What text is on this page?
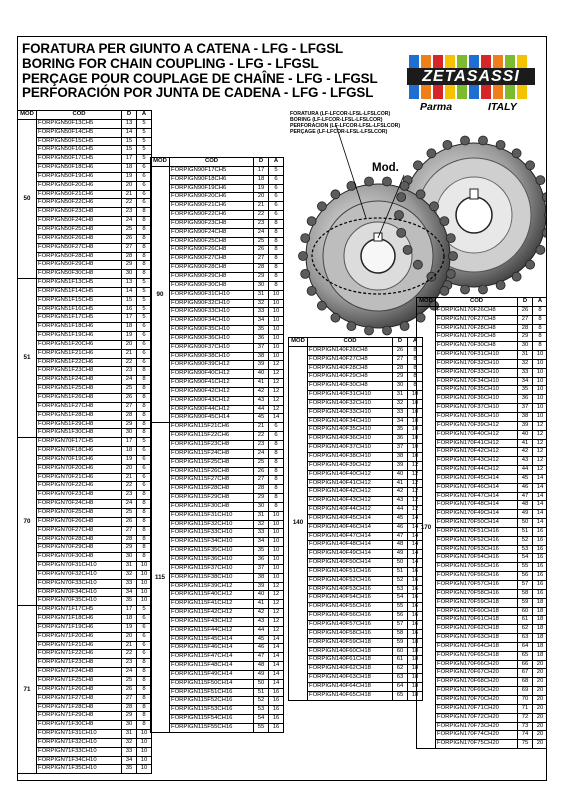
FORATURA PER GIUNTO A CATENA - LFG - LFGSL
BORING FOR CHAIN COUPLING - LFG - LFGSL
PERÇAGE POUR COUPLAGE DE CHAÎNE - LFG - LFGSL
PERFORACIÓN POR JUNTA DE CADENA - LFG - LFGSL
ZETASASSI
Parma	ITALY
FORATURA (LF-LFCOR-LFSL-LFSLCOR)
BORING (LF-LFCOR-LFSL-LFSLCOR)
PERFORACION (LF-LFCOR-LFSL-LFSLCOR)
PERÇAGE (LF-LFCOR-LFSL-LFSLCOR)
Mod.
MOD	COD	D	A
50	FORPIGN50F13CH5	13	5
	FORPIGN50F14CH5	14	5
	FORPIGN50F15CH5	15	5
	FORPIGN50F16CH5	15	5
	FORPIGN50F17CH5	17	5
	FORPIGN50F18CH6	18	6
	FORPIGN50F19CH6	19	6
	FORPIGN50F20CH6	20	6
	FORPIGN50F21CH6	21	6
	FORPIGN50F22CH6	22	6
	FORPIGN50F23CH8	23	8
	FORPIGN50F24CH8	24	8
	FORPIGN50F25CH8	25	8
	FORPIGN50F26CH8	26	8
	FORPIGN50F27CH8	27	8
	FORPIGN50F28CH8	28	8
	FORPIGN50F29CH8	29	8
	FORPIGN50F30CH8	30	8
51	FORPIGN51F13CH5	13	5
	FORPIGN51F14CH5	14	5
	FORPIGN51F15CH5	15	5
	FORPIGN51F16CH5	16	5
	FORPIGN51F17CH5	17	5
	FORPIGN51F18CH6	18	6
	FORPIGN51F19CH6	19	6
	FORPIGN51F20CH6	20	6
	FORPIGN51F21CH6	21	6
	FORPIGN51F22CH6	22	6
	FORPIGN51F23CH8	23	8
	FORPIGN51F24CH8	24	8
	FORPIGN51F25CH8	25	8
	FORPIGN51F26CH8	26	8
	FORPIGN51F27CH8	27	8
	FORPIGN51F28CH8	28	8
	FORPIGN51F29CH8	29	8
	FORPIGN51F30CH8	30	8
70	FORPIGN70F17CH5	17	5
	FORPIGN70F18CH6	18	6
	FORPIGN70F19CH6	19	6
	FORPIGN70F20CH6	20	6
	FORPIGN70F21CH6	21	6
	FORPIGN70F22CH6	22	6
	FORPIGN70F23CH8	23	8
	FORPIGN70F24CH8	24	8
	FORPIGN70F25CH8	25	8
	FORPIGN70F26CH8	26	8
	FORPIGN70F27CH8	27	8
	FORPIGN70F28CH8	28	8
	FORPIGN70F29CH8	29	8
	FORPIGN70F30CH8	30	8
	FORPIGN70F31CH10	31	10
	FORPIGN70F32CH10	32	10
	FORPIGN70F33CH10	33	10
	FORPIGN70F34CH10	34	10
	FORPIGN70F35CH10	35	10
71	FORPIGN71F17CH5	17	5
	FORPIGN71F18CH6	18	6
	FORPIGN71F19CH6	19	6
	FORPIGN71F20CH6	20	6
	FORPIGN71F21CH6	21	6
	FORPIGN71F22CH6	22	6
	FORPIGN71F23CH8	23	8
	FORPIGN71F24CH8	24	8
	FORPIGN71F25CH8	25	8
	FORPIGN71F26CH8	26	8
	FORPIGN71F27CH8	27	8
	FORPIGN71F28CH8	28	8
	FORPIGN71F29CH8	29	8
	FORPIGN71F30CH8	30	8
	FORPIGN71F31CH10	31	10
	FORPIGN71F32CH10	32	10
	FORPIGN71F33CH10	33	10
	FORPIGN71F34CH10	34	10
	FORPIGN71F35CH10	35	10
MOD	COD	D	A
90	FORPIGN90F17CH5	17	5
	FORPIGN90F18CH6	18	6
	FORPIGN90F19CH6	19	6
	FORPIGN90F20CH6	20	6
	FORPIGN90F21CH6	21	6
	FORPIGN90F22CH6	22	6
	FORPIGN90F23CH8	23	8
	FORPIGN90F24CH8	24	8
	FORPIGN90F25CH8	25	8
	FORPIGN90F26CH8	26	8
	FORPIGN90F27CH8	27	8
	FORPIGN90F28CH8	28	8
	FORPIGN90F29CH8	29	8
	FORPIGN90F30CH8	30	8
	FORPIGN90F31CH10	31	10
	FORPIGN90F32CH10	32	10
	FORPIGN90F33CH10	33	10
	FORPIGN90F34CH10	34	10
	FORPIGN90F35CH10	35	10
	FORPIGN90F36CH10	36	10
	FORPIGN90F37CH10	37	10
	FORPIGN90F38CH10	38	10
	FORPIGN90F39CH12	39	12
	FORPIGN90F40CH12	40	12
	FORPIGN90F41CH12	41	12
	FORPIGN90F42CH12	42	12
	FORPIGN90F43CH12	43	12
	FORPIGN90F44CH12	44	12
	FORPIGN90F45CH14	45	14
115	FORPIGN115F21CH6	21	6
	FORPIGN115F22CH6	22	6
	FORPIGN115F23CH8	23	8
	FORPIGN115F24CH8	24	8
	FORPIGN115F25CH8	25	8
	FORPIGN115F26CH8	26	8
	FORPIGN115F27CH8	27	8
	FORPIGN115F28CH8	28	8
	FORPIGN115F29CH8	29	8
	FORPIGN115F30CH8	30	8
	FORPIGN115F31CH10	31	10
	FORPIGN115F32CH10	32	10
	FORPIGN115F33CH10	33	10
	FORPIGN115F34CH10	34	10
	FORPIGN115F35CH10	35	10
	FORPIGN115F36CH10	36	10
	FORPIGN115F37CH10	37	10
	FORPIGN115F38CH10	38	10
	FORPIGN115F39CH12	39	12
	FORPIGN115F40CH12	40	12
	FORPIGN115F41CH12	41	12
	FORPIGN115F42CH12	42	12
	FORPIGN115F43CH12	43	12
	FORPIGN115F44CH12	44	12
	FORPIGN115F45CH14	45	14
	FORPIGN115F46CH14	46	14
	FORPIGN115F47CH14	47	14
	FORPIGN115F48CH14	48	14
	FORPIGN115F49CH14	49	14
	FORPIGN115F50CH14	50	14
	FORPIGN115F51CH16	51	16
	FORPIGN115F52CH16	52	16
	FORPIGN115F53CH16	53	16
	FORPIGN115F54CH16	54	16
	FORPIGN115F55CH16	55	16
MOD	COD	D	A
140	FORPIGN140F26CH8	26	8
	FORPIGN140F27CH8	27	8
	FORPIGN140F28CH8	28	8
	FORPIGN140F29CH8	29	8
	FORPIGN140F30CH8	30	8
	FORPIGN140F31CH10	31	10
	FORPIGN140F32CH10	32	10
	FORPIGN140F33CH10	33	10
	FORPIGN140F34CH10	34	10
	FORPIGN140F35CH10	35	10
	FORPIGN140F36CH10	36	10
	FORPIGN140F37CH10	37	10
	FORPIGN140F38CH10	38	10
	FORPIGN140F39CH12	39	12
	FORPIGN140F40CH12	40	12
	FORPIGN140F41CH12	41	12
	FORPIGN140F42CH12	42	12
	FORPIGN140F43CH12	43	12
	FORPIGN140F44CH12	44	12
	FORPIGN140F45CH14	45	14
	FORPIGN140F46CH14	46	14
	FORPIGN140F47CH14	47	14
	FORPIGN140F48CH14	48	14
	FORPIGN140F49CH14	49	14
	FORPIGN140F50CH14	50	14
	FORPIGN140F51CH16	51	16
	FORPIGN140F52CH16	52	16
	FORPIGN140F53CH16	53	16
	FORPIGN140F54CH16	54	16
	FORPIGN140F55CH16	55	16
	FORPIGN140F56CH16	56	16
	FORPIGN140F57CH16	57	16
	FORPIGN140F58CH16	58	16
	FORPIGN140F59CH18	59	18
	FORPIGN140F60CH18	60	18
	FORPIGN140F61CH18	61	18
	FORPIGN140F62CH18	62	18
	FORPIGN140F63CH18	63	18
	FORPIGN140F64CH18	64	18
	FORPIGN140F65CH18	65	18
MOD	COD	D	A
170	FORPIGN170F26CH8	26	8
	FORPIGN170F27CH8	27	8
	FORPIGN170F28CH8	28	8
	FORPIGN170F29CH8	29	8
	FORPIGN170F30CH8	30	8
	FORPIGN170F31CH10	31	10
	FORPIGN170F32CH10	32	10
	FORPIGN170F33CH10	33	10
	FORPIGN170F34CH10	34	10
	FORPIGN170F35CH10	35	10
	FORPIGN170F36CH10	36	10
	FORPIGN170F37CH10	37	10
	FORPIGN170F38CH10	38	10
	FORPIGN170F39CH12	39	12
	FORPIGN170F40CH12	40	12
	FORPIGN170F41CH12	41	12
	FORPIGN170F42CH12	42	12
	FORPIGN170F43CH12	43	12
	FORPIGN170F44CH12	44	12
	FORPIGN170F45CH14	45	14
	FORPIGN170F46CH14	46	14
	FORPIGN170F47CH14	47	14
	FORPIGN170F48CH14	48	14
	FORPIGN170F49CH14	49	14
	FORPIGN170F50CH14	50	14
	FORPIGN170F51CH16	51	16
	FORPIGN170F52CH16	52	16
	FORPIGN170F53CH16	53	16
	FORPIGN170F54CH16	54	16
	FORPIGN170F55CH16	55	16
	FORPIGN170F56CH16	56	16
	FORPIGN170F57CH16	57	16
	FORPIGN170F58CH16	58	16
	FORPIGN170F59CH18	59	18
	FORPIGN170F60CH18	60	18
	FORPIGN170F61CH18	61	18
	FORPIGN170F62CH18	62	18
	FORPIGN170F63CH18	63	18
	FORPIGN170F64CH18	64	18
	FORPIGN170F65CH18	65	18
	FORPIGN170F66CH20	66	20
	FORPIGN170F67CH20	67	20
	FORPIGN170F68CH20	68	20
	FORPIGN170F69CH20	69	20
	FORPIGN170F70CH20	70	20
	FORPIGN170F71CH20	71	20
	FORPIGN170F72CH20	72	20
	FORPIGN170F73CH20	73	20
	FORPIGN170F74CH20	74	20
	FORPIGN170F75CH20	75	20
